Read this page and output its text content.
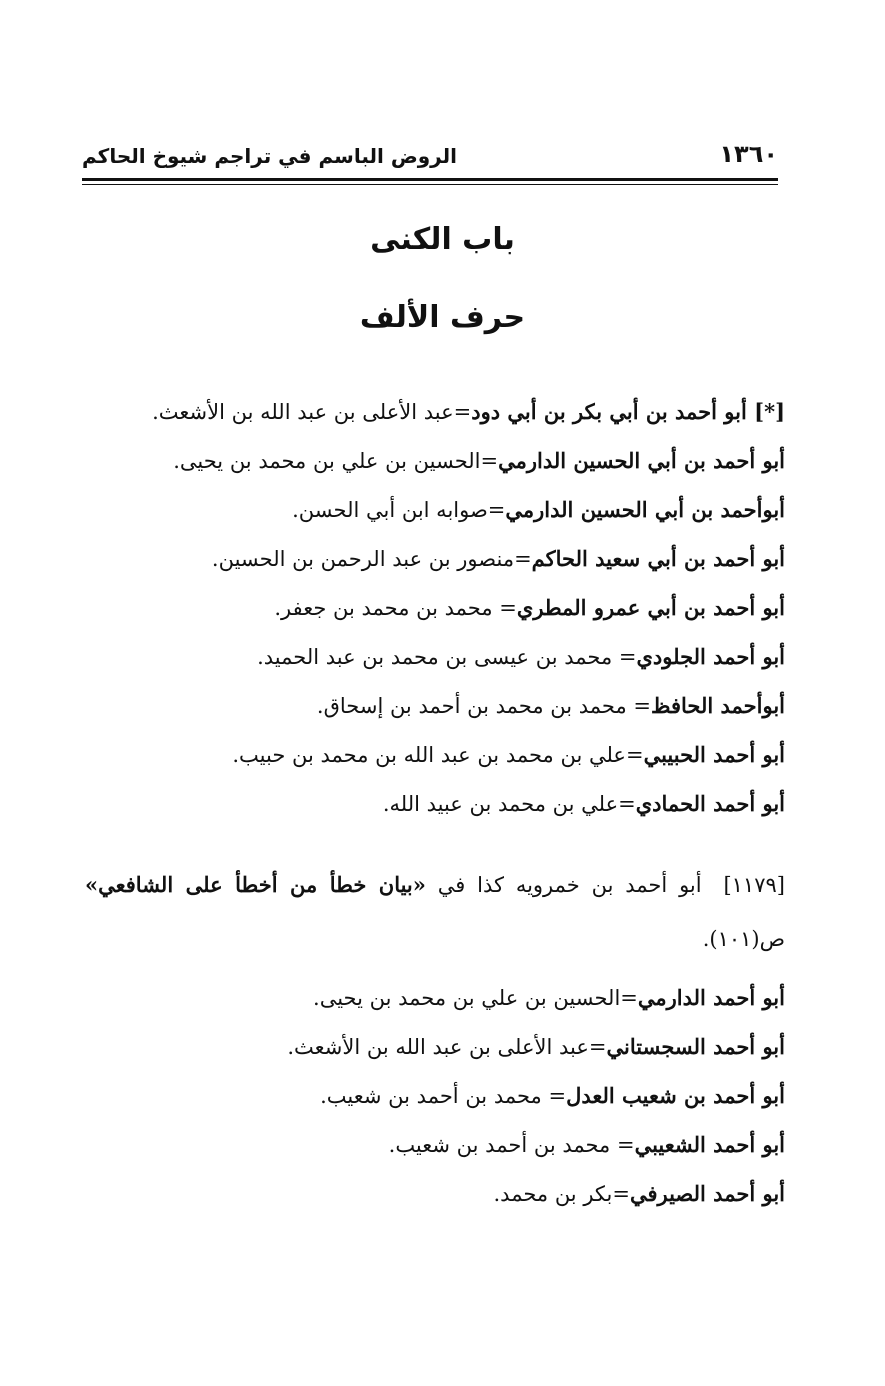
١٣٦٠
الروض الباسم في تراجم شيوخ الحاكم
باب الكنى
حرف الألف
[*] أبو أحمد بن أبي بكر بن أبي دود=عبد الأعلى بن عبد الله بن الأشعث.
أبو أحمد بن أبي الحسين الدارمي=الحسين بن علي بن محمد بن يحيى.
أبوأحمد بن أبي الحسين الدارمي=صوابه ابن أبي الحسن.
أبو أحمد بن أبي سعيد الحاكم=منصور بن عبد الرحمن بن الحسين.
أبو أحمد بن أبي عمرو المطري= محمد بن محمد بن جعفر.
أبو أحمد الجلودي= محمد بن عيسى بن محمد بن عبد الحميد.
أبوأحمد الحافظ= محمد بن محمد بن أحمد بن إسحاق.
أبو أحمد الحبيبي=علي بن محمد بن عبد الله بن محمد بن حبيب.
أبو أحمد الحمادي=علي بن محمد بن عبيد الله.
[١١٧٩] أبو أحمد بن خمرويه كذا في «بيان خطأ من أخطأ على الشافعي» ص(١٠١).
أبو أحمد الدارمي=الحسين بن علي بن محمد بن يحيى.
أبو أحمد السجستاني=عبد الأعلى بن عبد الله بن الأشعث.
أبو أحمد بن شعيب العدل= محمد بن أحمد بن شعيب.
أبو أحمد الشعيبي= محمد بن أحمد بن شعيب.
أبو أحمد الصيرفي=بكر بن محمد.
